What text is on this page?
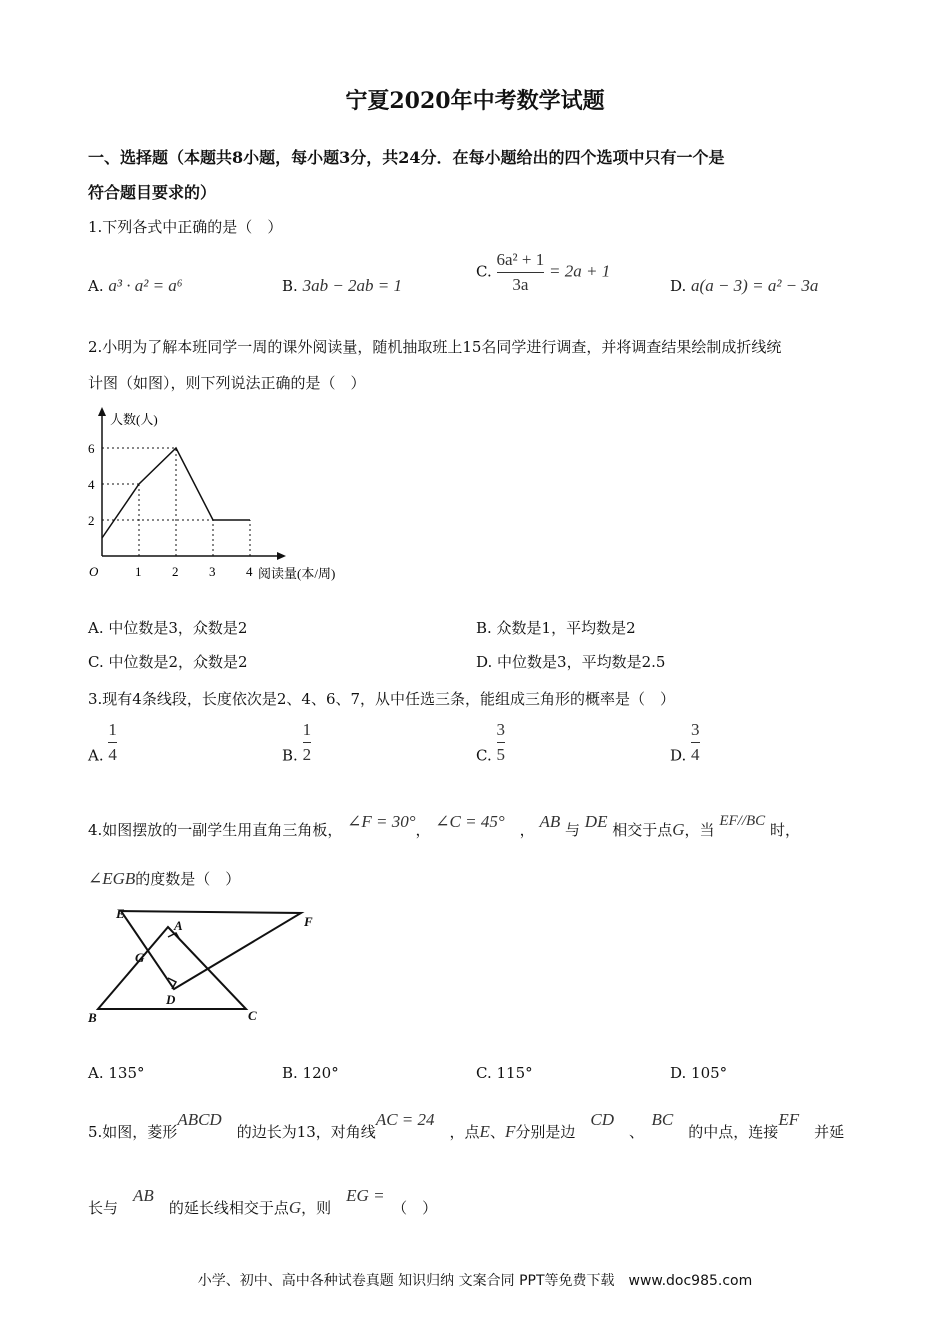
宁夏2020年中考数学试题
一、选择题（本题共8小题，每小题3分，共24分．在每小题给出的四个选项中只有一个是
符合题目要求的）
1.下列各式中正确的是（　）
A. a³ · a² = a⁶	B. 3ab − 2ab = 1
C. $\frac{\text{6a² + 1}}{3a} = 2a + 1$
D. a(a − 3) = a² − 3a
2.小明为了解本班同学一周的课外阅读量，随机抽取班上15名同学进行调查，并将调查结果绘制成折线统
计图（如图），则下列说法正确的是（　）
1 2 3 4
2
4
6
O
人数(人)
阅读量(本/周)
A. 中位数是3，众数是2	B. 众数是1，平均数是2
C. 中位数是2，众数是2	D. 中位数是3，平均数是2.5
3.现有4条线段，长度依次是2、4、6、7，从中任选三条，能组成三角形的概率是（　）
A. $\frac{1}{4}$	B. $\frac{1}{2}$	C. $\frac{3}{5}$	D. $\frac{3}{4}$
4.如图摆放的一副学生用直角三角板， ∠F = 30°， ∠C = 45°　， AB 与 DE 相交于点G，当 EF//BC 时，
∠EGB的度数是（　）
E
F
A
G
D
B	C
A. 135°	B. 120°	C. 115°	D. 105°
5.如图，菱形ABCD　的边长为13，对角线AC = 24　，点E、F分别是边　CD　、　BC　的中点，连接EF　并延
长与　AB　的延长线相交于点G，则　EG =　（　）
小学、初中、高中各种试卷真题 知识归纳 文案合同 PPT等免费下载　www.doc985.com
